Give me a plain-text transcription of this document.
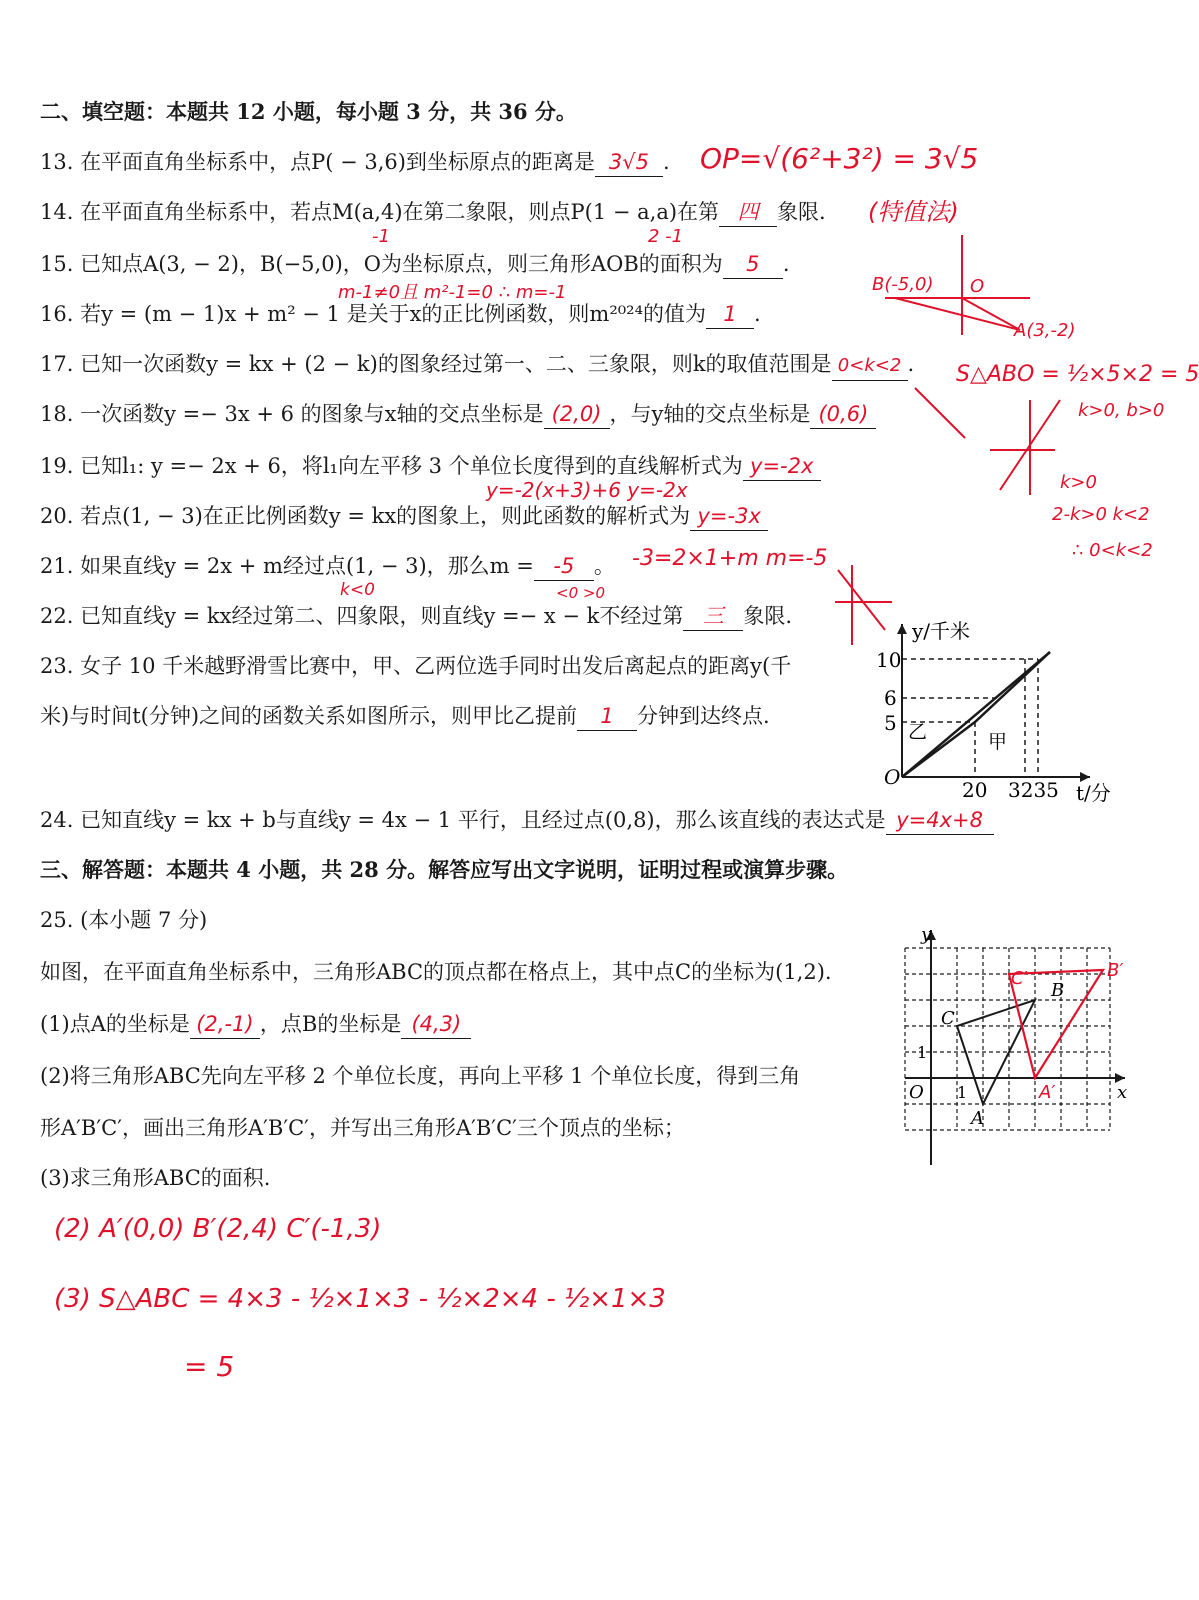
二、填空题：本题共 12 小题，每小题 3 分，共 36 分。
13. 在平面直角坐标系中，点P( − 3,6)到坐标原点的距离是 3√5 . OP=√(6²+3²) = 3√5
14. 在平面直角坐标系中，若点M(a,4)在第二象限，则点P(1 − a,a)在第 四 象限. (特值法)
-1	2 -1
15. 已知点A(3, − 2)，B(−5,0)，O为坐标原点，则三角形AOB的面积为 5 .
m-1≠0且 m²-1=0 ∴ m=-1
16. 若y = (m − 1)x + m² − 1 是关于x的正比例函数，则m²⁰²⁴的值为 1 .
B(-5,0) O
A(3,-2)
S△ABO = ½×5×2 = 5
17. 已知一次函数y = kx + (2 − k)的图象经过第一、二、三象限，则k的取值范围是 0<k<2 .
k>0, b>0
k>0
2-k>0 k<2
∴ 0<k<2
18. 一次函数y =− 3x + 6 的图象与x轴的交点坐标是 (2,0) ，与y轴的交点坐标是 (0,6)
19. 已知l₁: y =− 2x + 6，将l₁向左平移 3 个单位长度得到的直线解析式为 y=-2x
y=-2(x+3)+6 y=-2x
20. 若点(1, − 3)在正比例函数y = kx的图象上，则此函数的解析式为 y=-3x
21. 如果直线y = 2x + m经过点(1, − 3)，那么m = -5 。 -3=2×1+m m=-5
k<0	<0 >0
22. 已知直线y = kx经过第二、四象限，则直线y =− x − k不经过第 三 象限.
23. 女子 10 千米越野滑雪比赛中，甲、乙两位选手同时出发后离起点的距离y(千
米)与时间t(分钟)之间的函数关系如图所示，则甲比乙提前 1 分钟到达终点.
10
6
5
O
20 3235 t/分
y/千米
甲
乙
24. 已知直线y = kx + b与直线y = 4x − 1 平行，且经过点(0,8)，那么该直线的表达式是 y=4x+8
三、解答题：本题共 4 小题，共 28 分。解答应写出文字说明，证明过程或演算步骤。
25. (本小题 7 分)
如图，在平面直角坐标系中，三角形ABC的顶点都在格点上，其中点C的坐标为(1,2).
(1)点A的坐标是 (2,-1) ，点B的坐标是 (4,3)
(2)将三角形ABC先向左平移 2 个单位长度，再向上平移 1 个单位长度，得到三角
形A′B′C′，画出三角形A′B′C′，并写出三角形A′B′C′三个顶点的坐标；
(3)求三角形ABC的面积.
y
x
O 1
1
A
B
C
A′
B′
C′
(2) A′(0,0) B′(2,4) C′(-1,3)
(3) S△ABC = 4×3 - ½×1×3 - ½×2×4 - ½×1×3
= 5
